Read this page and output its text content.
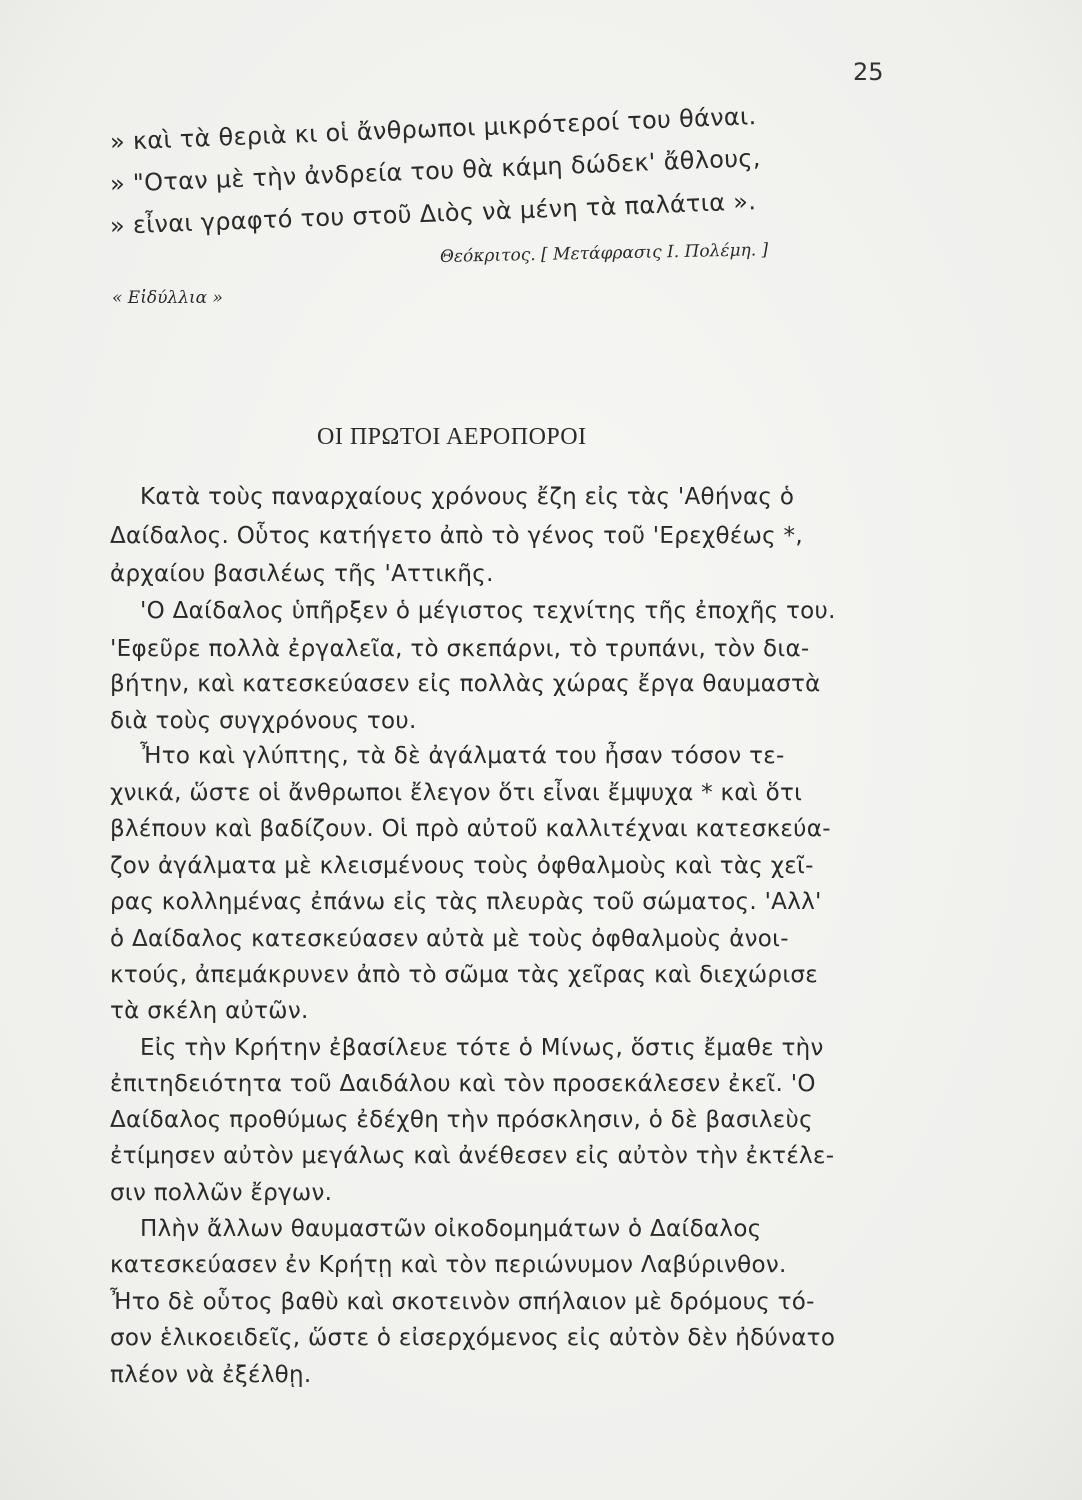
25
» καὶ τὰ θεριὰ κι οἱ ἄνθρωποι μικρότεροί του θάναι.
» "Οταν μὲ τὴν ἀνδρεία του θὰ κάμη δώδεκ' ἄθλους,
» εἶναι γραφτό του στοῦ Διὸς νὰ μένη τὰ παλάτια ».
Θεόκριτος. [ Μετάφρασις Ι. Πολέμη. ]
« Εἰδύλλια »
ΟΙ ΠΡΩΤΟΙ ΑΕΡΟΠΟΡΟΙ
Κατὰ τοὺς παναρχαίους χρόνους ἔζη εἰς τὰς 'Αθήνας ὁ
Δαίδαλος. Οὗτος κατήγετο ἀπὸ τὸ γένος τοῦ 'Ερεχθέως *,
ἀρχαίου βασιλέως τῆς 'Αττικῆς.
'Ο Δαίδαλος ὑπῆρξεν ὁ μέγιστος τεχνίτης τῆς ἐποχῆς του.
'Εφεῦρε πολλὰ ἐργαλεῖα, τὸ σκεπάρνι, τὸ τρυπάνι, τὸν δια-
βήτην, καὶ κατεσκεύασεν εἰς πολλὰς χώρας ἔργα θαυμαστὰ
διὰ τοὺς συγχρόνους του.
Ἦτο καὶ γλύπτης, τὰ δὲ ἀγάλματά του ἦσαν τόσον τε-
χνικά, ὥστε οἱ ἄνθρωποι ἔλεγον ὅτι εἶναι ἔμψυχα * καὶ ὅτι
βλέπουν καὶ βαδίζουν. Οἱ πρὸ αὐτοῦ καλλιτέχναι κατεσκεύα-
ζον ἀγάλματα μὲ κλεισμένους τοὺς ὀφθαλμοὺς καὶ τὰς χεῖ-
ρας κολλημένας ἐπάνω εἰς τὰς πλευρὰς τοῦ σώματος. 'Αλλ'
ὁ Δαίδαλος κατεσκεύασεν αὐτὰ μὲ τοὺς ὀφθαλμοὺς ἀνοι-
κτούς, ἀπεμάκρυνεν ἀπὸ τὸ σῶμα τὰς χεῖρας καὶ διεχώρισε
τὰ σκέλη αὐτῶν.
Εἰς τὴν Κρήτην ἐβασίλευε τότε ὁ Μίνως, ὅστις ἔμαθε τὴν
ἐπιτηδειότητα τοῦ Δαιδάλου καὶ τὸν προσεκάλεσεν ἐκεῖ. 'Ο
Δαίδαλος προθύμως ἐδέχθη τὴν πρόσκλησιν, ὁ δὲ βασιλεὺς
ἐτίμησεν αὐτὸν μεγάλως καὶ ἀνέθεσεν εἰς αὐτὸν τὴν ἐκτέλε-
σιν πολλῶν ἔργων.
Πλὴν ἄλλων θαυμαστῶν οἰκοδομημάτων ὁ Δαίδαλος
κατεσκεύασεν ἐν Κρήτῃ καὶ τὸν περιώνυμον Λαβύρινθον.
Ἦτο δὲ οὗτος βαθὺ καὶ σκοτεινὸν σπήλαιον μὲ δρόμους τό-
σον ἑλικοειδεῖς, ὥστε ὁ εἰσερχόμενος εἰς αὐτὸν δὲν ἠδύνατο
πλέον νὰ ἐξέλθῃ.
